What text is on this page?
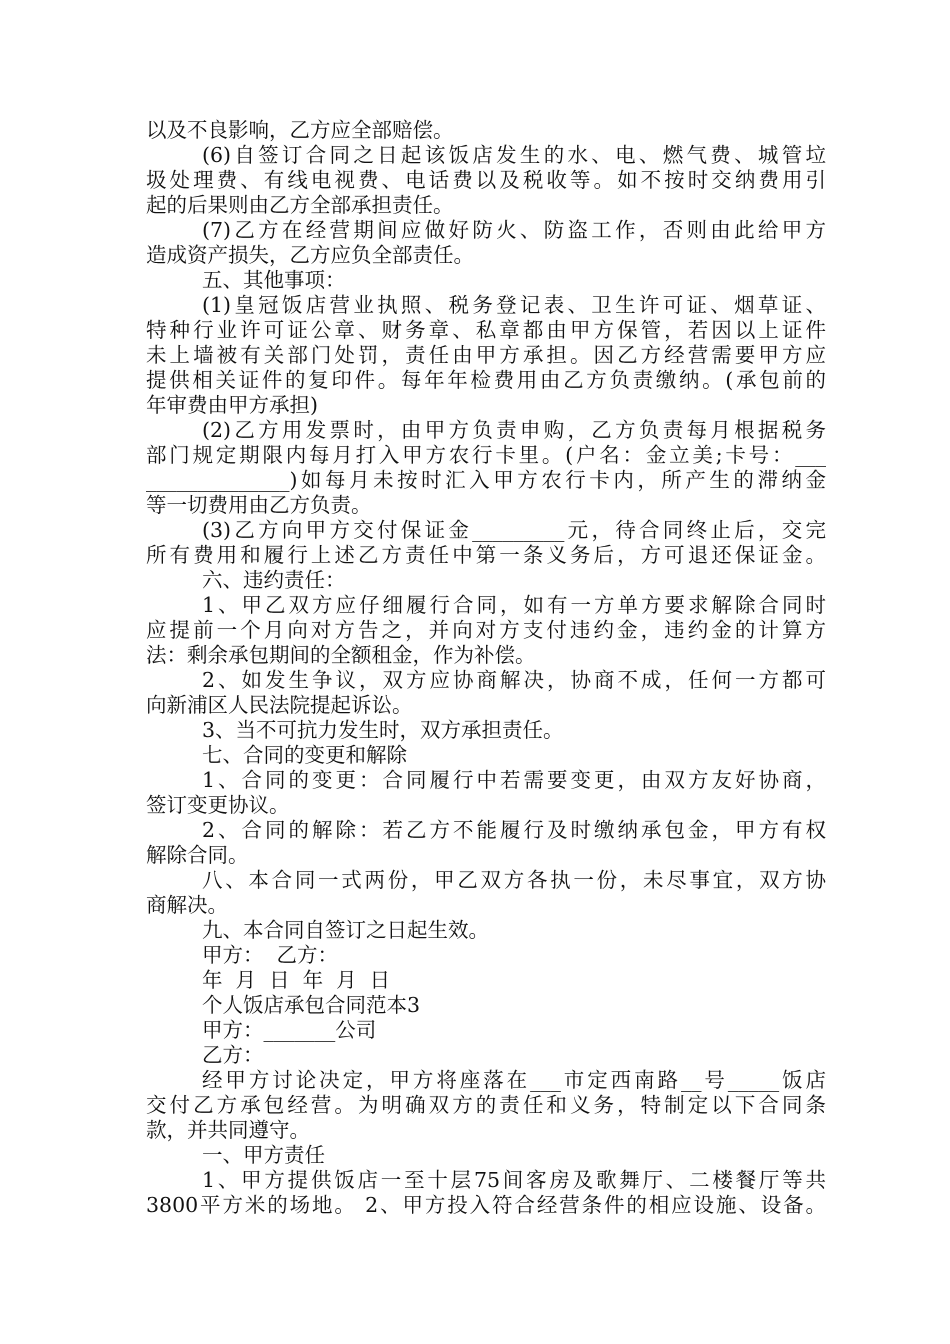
以及不良影响，乙方应全部赔偿。
(6)自签订合同之日起该饭店发生的水、电、燃气费、城管垃
圾处理费、有线电视费、电话费以及税收等。如不按时交纳费用引
起的后果则由乙方全部承担责任。
(7)乙方在经营期间应做好防火、防盗工作，否则由此给甲方
造成资产损失，乙方应负全部责任。
五、其他事项：
(1)皇冠饭店营业执照、税务登记表、卫生许可证、烟草证、
特种行业许可证公章、财务章、私章都由甲方保管，若因以上证件
未上墙被有关部门处罚，责任由甲方承担。因乙方经营需要甲方应
提供相关证件的复印件。每年年检费用由乙方负责缴纳。(承包前的
年审费由甲方承担)
(2)乙方用发票时，由甲方负责申购，乙方负责每月根据税务
部门规定期限内每月打入甲方农行卡里。(户名：金立美;卡号：___
______________)如每月未按时汇入甲方农行卡内，所产生的滞纳金
等一切费用由乙方负责。
(3)乙方向甲方交付保证金_________元，待合同终止后，交完
所有费用和履行上述乙方责任中第一条义务后，方可退还保证金。
六、违约责任：
1、甲乙双方应仔细履行合同，如有一方单方要求解除合同时
应提前一个月向对方告之，并向对方支付违约金，违约金的计算方
法：剩余承包期间的全额租金，作为补偿。
2、如发生争议，双方应协商解决，协商不成，任何一方都可
向新浦区人民法院提起诉讼。
3、当不可抗力发生时，双方承担责任。
七、合同的变更和解除
1、合同的变更：合同履行中若需要变更，由双方友好协商，
签订变更协议。
2、合同的解除：若乙方不能履行及时缴纳承包金，甲方有权
解除合同。
八、本合同一式两份，甲乙双方各执一份，未尽事宜，双方协
商解决。
九、本合同自签订之日起生效。
甲方：  乙方：
年  月  日  年  月  日
个人饭店承包合同范本3
甲方：_______公司
乙方：
经甲方讨论决定，甲方将座落在___市定西南路__号_____饭店
交付乙方承包经营。为明确双方的责任和义务，特制定以下合同条
款，并共同遵守。
一、甲方责任
1、甲方提供饭店一至十层75间客房及歌舞厅、二楼餐厅等共
3800平方米的场地。 2、甲方投入符合经营条件的相应设施、设备。
